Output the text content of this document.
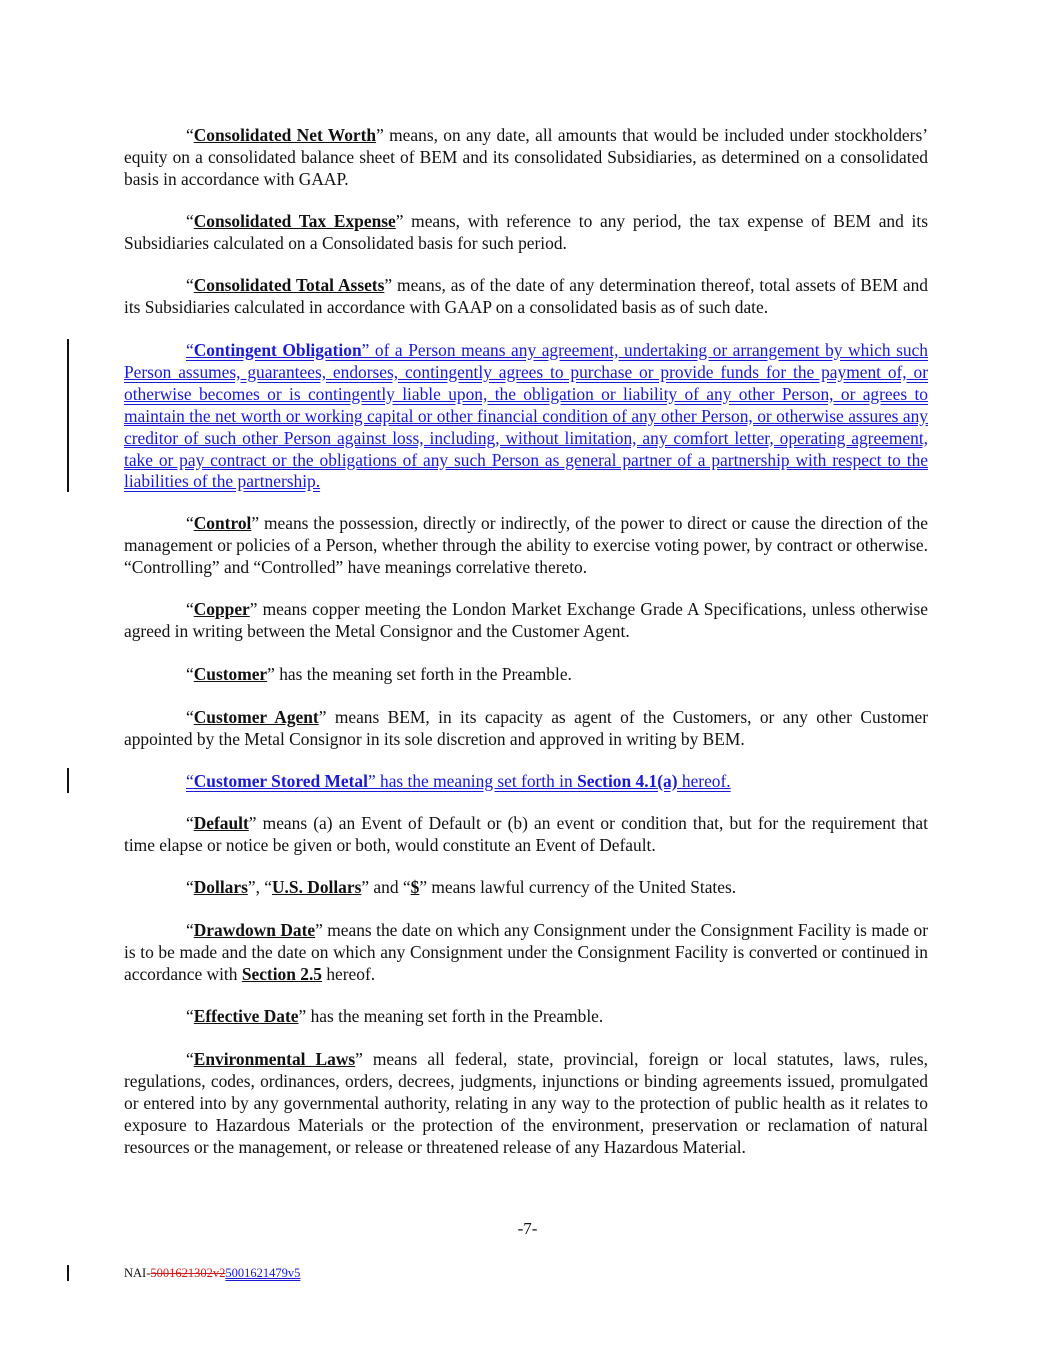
“Consolidated Net Worth” means, on any date, all amounts that would be included under stockholders’ equity on a consolidated balance sheet of BEM and its consolidated Subsidiaries, as determined on a consolidated basis in accordance with GAAP.

“Consolidated Tax Expense” means, with reference to any period, the tax expense of BEM and its Subsidiaries calculated on a Consolidated basis for such period.

“Consolidated Total Assets” means, as of the date of any determination thereof, total assets of BEM and its Subsidiaries calculated in accordance with GAAP on a consolidated basis as of such date.

“Contingent Obligation” of a Person means any agreement, undertaking or arrangement by which such Person assumes, guarantees, endorses, contingently agrees to purchase or provide funds for the payment of, or otherwise becomes or is contingently liable upon, the obligation or liability of any other Person, or agrees to maintain the net worth or working capital or other financial condition of any other Person, or otherwise assures any creditor of such other Person against loss, including, without limitation, any comfort letter, operating agreement, take or pay contract or the obligations of any such Person as general partner of a partnership with respect to the liabilities of the partnership.

“Control” means the possession, directly or indirectly, of the power to direct or cause the direction of the management or policies of a Person, whether through the ability to exercise voting power, by contract or otherwise. “Controlling” and “Controlled” have meanings correlative thereto.

“Copper” means copper meeting the London Market Exchange Grade A Specifications, unless otherwise agreed in writing between the Metal Consignor and the Customer Agent.

“Customer” has the meaning set forth in the Preamble.

“Customer Agent” means BEM, in its capacity as agent of the Customers, or any other Customer appointed by the Metal Consignor in its sole discretion and approved in writing by BEM.

“Customer Stored Metal” has the meaning set forth in Section 4.1(a) hereof.

“Default” means (a) an Event of Default or (b) an event or condition that, but for the requirement that time elapse or notice be given or both, would constitute an Event of Default.

“Dollars”, “U.S. Dollars” and “$” means lawful currency of the United States.

“Drawdown Date” means the date on which any Consignment under the Consignment Facility is made or is to be made and the date on which any Consignment under the Consignment Facility is converted or continued in accordance with Section 2.5 hereof.

“Effective Date” has the meaning set forth in the Preamble.

“Environmental Laws” means all federal, state, provincial, foreign or local statutes, laws, rules, regulations, codes, ordinances, orders, decrees, judgments, injunctions or binding agreements issued, promulgated or entered into by any governmental authority, relating in any way to the protection of public health as it relates to exposure to Hazardous Materials or the protection of the environment, preservation or reclamation of natural resources or the management, or release or threatened release of any Hazardous Material.

-7-
NAI-5001621302v25001621479v5
